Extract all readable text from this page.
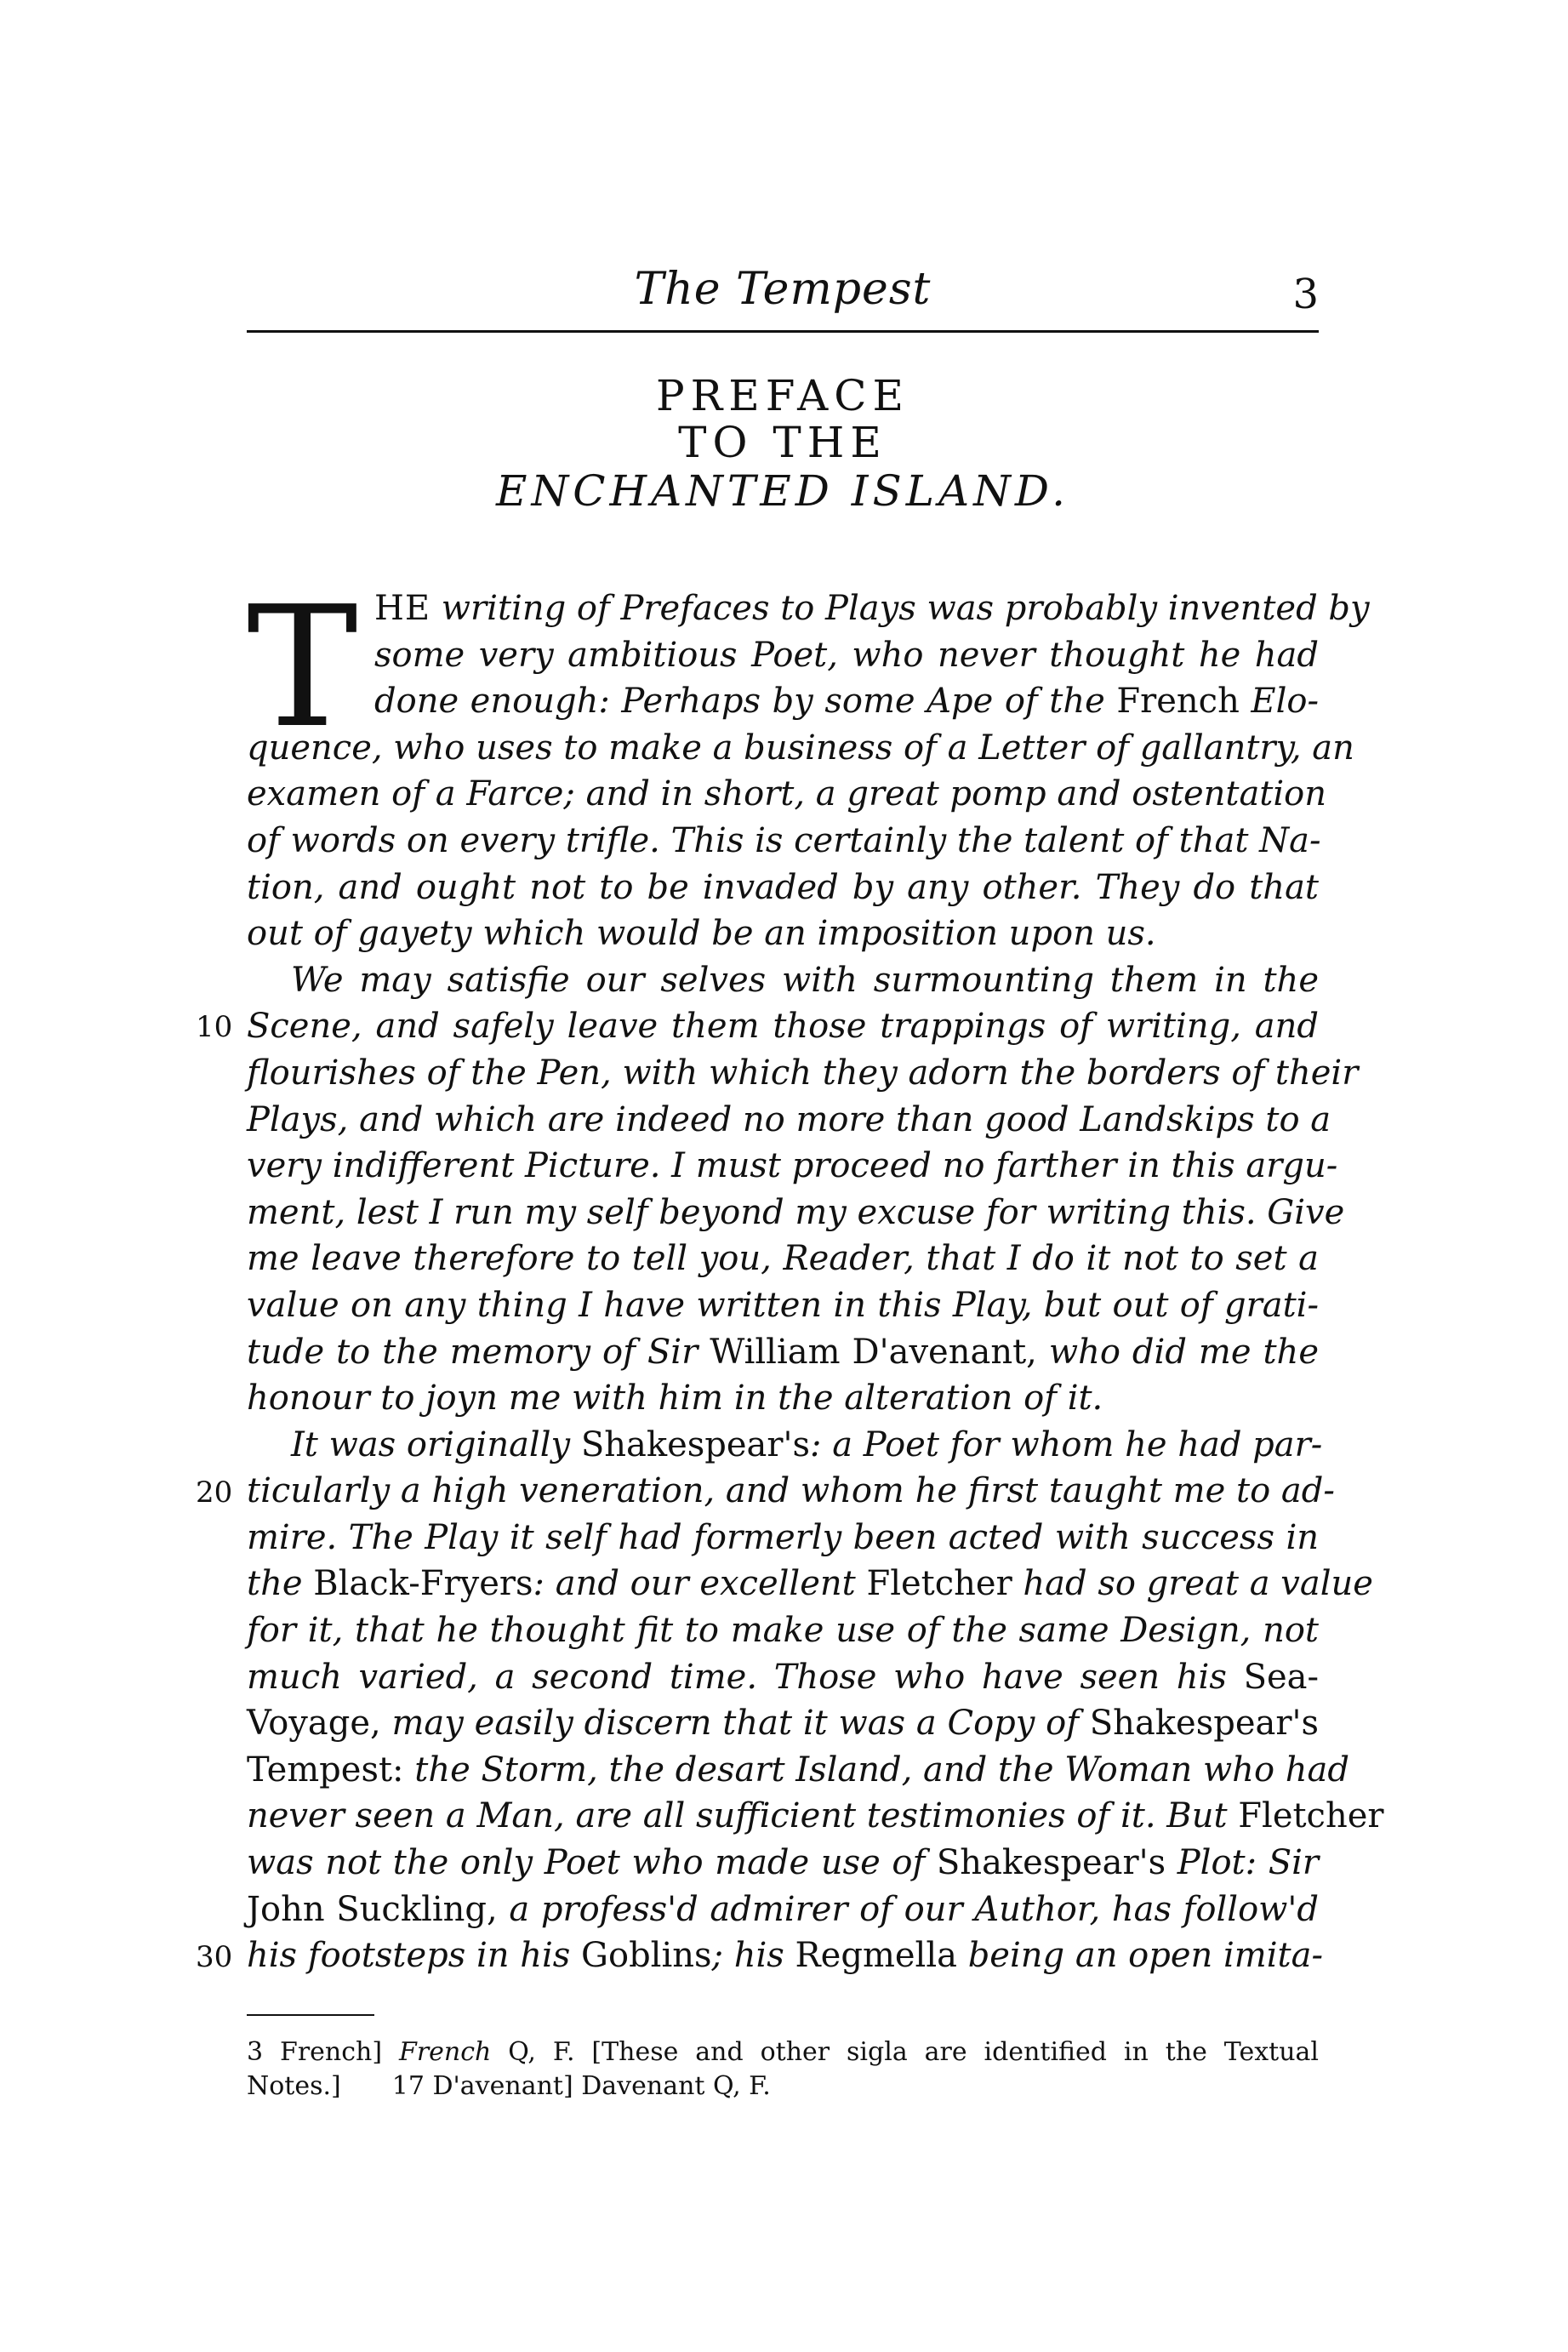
The Tempest	3
PREFACE
TO THE
ENCHANTED ISLAND.
T HE writing of Prefaces to Plays was probably invented by
some very ambitious Poet, who never thought he had
done enough: Perhaps by some Ape of the French Elo-
quence, who uses to make a business of a Letter of gallantry, an
examen of a Farce; and in short, a great pomp and ostentation
of words on every trifle. This is certainly the talent of that Na-
tion, and ought not to be invaded by any other. They do that
out of gayety which would be an imposition upon us.
We may satisfie our selves with surmounting them in the
Scene, and safely leave them those trappings of writing, and
flourishes of the Pen, with which they adorn the borders of their
Plays, and which are indeed no more than good Landskips to a
very indifferent Picture. I must proceed no farther in this argu-
ment, lest I run my self beyond my excuse for writing this. Give
me leave therefore to tell you, Reader, that I do it not to set a
value on any thing I have written in this Play, but out of grati-
tude to the memory of Sir William D'avenant, who did me the
honour to joyn me with him in the alteration of it.
It was originally Shakespear's: a Poet for whom he had par-
ticularly a high veneration, and whom he first taught me to ad-
mire. The Play it self had formerly been acted with success in
the Black-Fryers: and our excellent Fletcher had so great a value
for it, that he thought fit to make use of the same Design, not
much varied, a second time. Those who have seen his Sea-
Voyage, may easily discern that it was a Copy of Shakespear's
Tempest: the Storm, the desart Island, and the Woman who had
never seen a Man, are all sufficient testimonies of it. But Fletcher
was not the only Poet who made use of Shakespear's Plot: Sir
John Suckling, a profess'd admirer of our Author, has follow'd
his footsteps in his Goblins; his Regmella being an open imita-
10
20
30
3 French] French Q, F. [These and other sigla are identified in the Textual
Notes.] 17 D'avenant] Davenant Q, F.
